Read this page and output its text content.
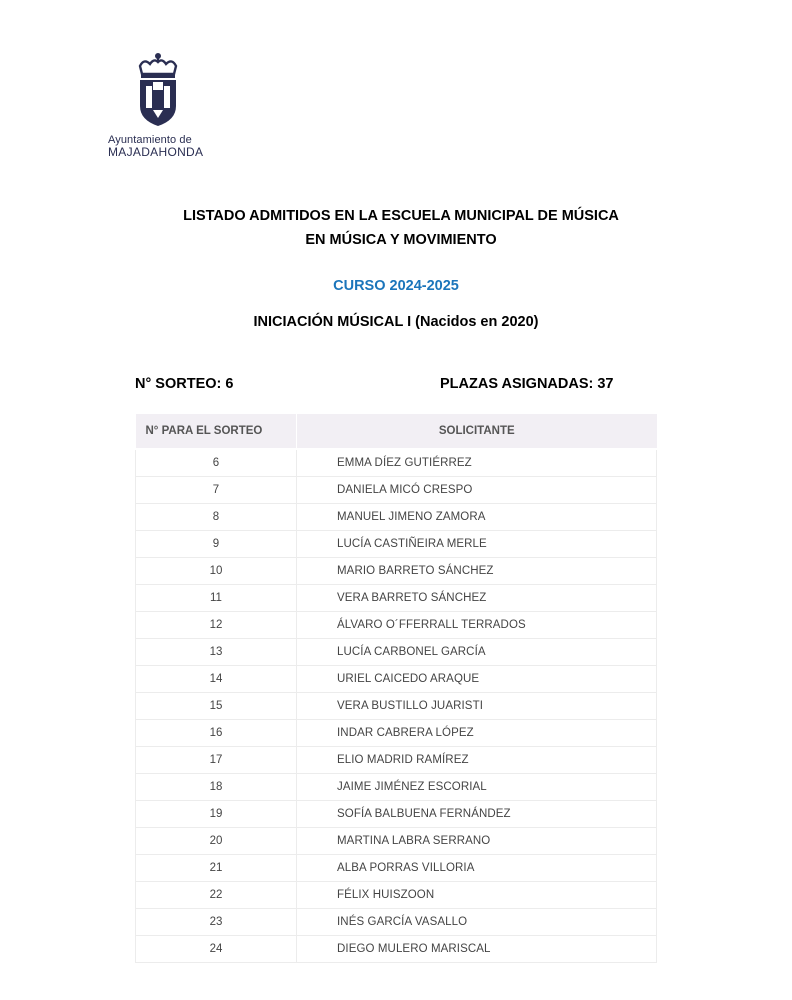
Ayuntamiento de
MAJADAHONDA
LISTADO ADMITIDOS EN LA ESCUELA MUNICIPAL DE MÚSICA
EN MÚSICA Y MOVIMIENTO
CURSO 2024-2025
INICIACIÓN MÚSICAL I (Nacidos en 2020)
N° SORTEO: 6	PLAZAS ASIGNADAS: 37
N° PARA EL SORTEO	SOLICITANTE

6	EMMA DÍEZ GUTIÉRREZ
7	DANIELA MICÓ CRESPO
8	MANUEL JIMENO ZAMORA
9	LUCÍA CASTIÑEIRA MERLE
10	MARIO BARRETO SÁNCHEZ
11	VERA BARRETO SÁNCHEZ
12	ÁLVARO O´FFERRALL TERRADOS
13	LUCÍA CARBONEL GARCÍA
14	URIEL CAICEDO ARAQUE
15	VERA BUSTILLO JUARISTI
16	INDAR CABRERA LÓPEZ
17	ELIO MADRID RAMÍREZ
18	JAIME JIMÉNEZ ESCORIAL
19	SOFÍA BALBUENA FERNÁNDEZ
20	MARTINA LABRA SERRANO
21	ALBA PORRAS VILLORIA
22	FÉLIX HUISZOON
23	INÉS GARCÍA VASALLO
24	DIEGO MULERO MARISCAL
